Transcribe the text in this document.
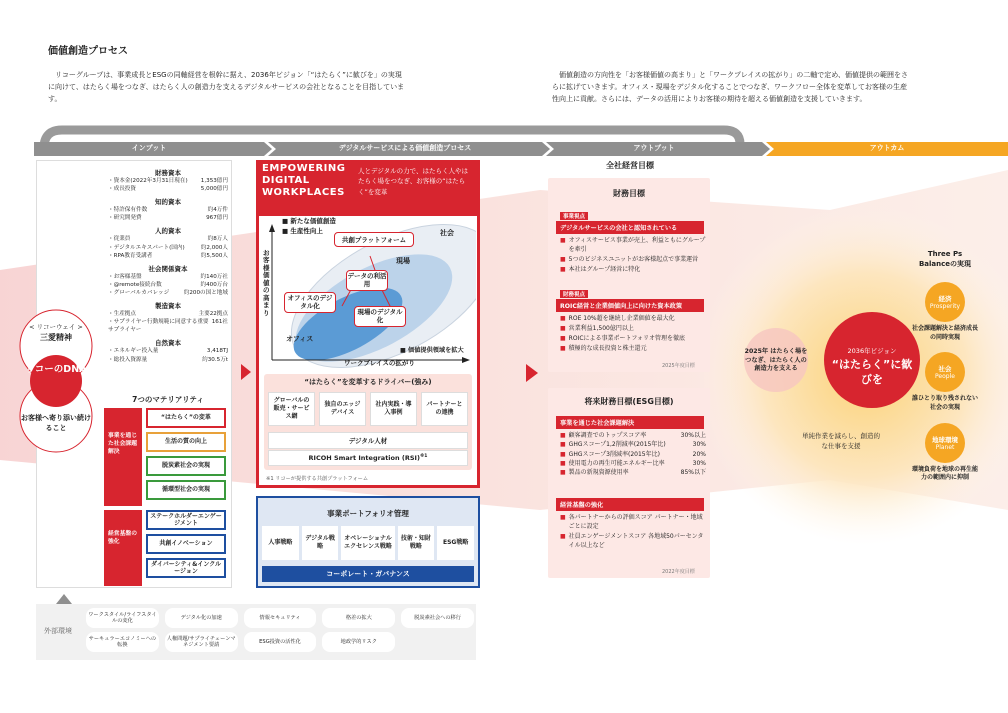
価値創造プロセス
リコーグループは、事業成長とESGの同軸経営を根幹に据え、2036年ビジョン「“はたらく”に歓びを」の実現に向けて、はたらく場をつなぎ、はたらく人の創造力を支えるデジタルサービスの会社となることを目指しています。
価値創造の方向性を「お客様価値の高まり」と「ワークプレイスの拡がり」の二軸で定め、価値提供の範囲をさらに拡げていきます。オフィス・現場をデジタル化することでつなぎ、ワークフロー全体を変革してお客様の生産性向上に貢献。さらには、データの活用によりお客様の期待を超える価値創造を支援していきます。
インプット	デジタルサービスによる価値創造プロセス	アウトプット	アウトカム
財務資本
・資本金(2022年3月31日現在) 1,353億円
・成長投資	5,000億円
知的資本
・特許保有件数	約4万件
・研究開発費	967億円
人的資本
・従業員	約8万人
・デジタルエキスパート(国内)	約2,000人
・RPA教育受講者	約5,500人
社会関係資本
・お客様基盤	約140万社
・@remote接続台数	約400万台
・グローバルカバレッジ	約200の国と地域
製造資本
・生産拠点	主要22拠点
・サプライヤー行動規範に同意する重要サプライヤー
161社
自然資本
・エネルギー投入量	3,418TJ
・総投入資源量	約30.5万t
< リコーウェイ >
三愛精神
リコーのDNA
お客様へ寄り添い続けること
7つのマテリアリティ
事業を通じた社会課題解決
経営基盤の強化
“はたらく”の変革
生活の質の向上
脱炭素社会の実現
循環型社会の実現
ステークホルダーエンゲージメント
共創イノベーション
ダイバーシティ&インクルージョン
外部環境
ワークスタイル/ライフスタイルの変化
デジタル化の加速	情報セキュリティ	格差の拡大	脱炭素社会への移行
サーキュラーエコノミーへの転換
人権問題/サプライチェーンマネジメント要請
ESG投資の活性化	地政学的リスク
EMPOWERING DIGITAL WORKPLACES
人とデジタルの力で、はたらく人やはたらく場をつなぎ、お客様の“はたらく”を変革
■ 新たな価値創造
■ 生産性向上
お客様価値の高まり
ワークプレイスの拡がり
■ 価値提供領域を拡大
共創プラットフォーム
データの利活用
オフィスのデジタル化
現場のデジタル化
社会
現場
オフィス
“はたらく”を変革するドライバー(強み)
グローバルの販売・サービス網
独自のエッジデバイス
社内実践・導入事例
パートナーとの連携
デジタル人材
RICOH Smart Integration (RSI)$^{※1}$
※1 リコーが提供する共創プラットフォーム
事業ポートフォリオ管理
人事戦略
デジタル戦略
オペレーショナルエクセレンス戦略
技術・知財戦略
ESG戦略
コーポレート・ガバナンス
全社経営目標
財務目標
事業視点
デジタルサービスの会社と認知されている
■ オフィスサービス事業が売上、利益ともにグループを牽引
■ 5つのビジネスユニットがお客様起点で事業運営
■ 本社はグループ経営に特化
財務視点
ROIC経営と企業価値向上に向けた資本政策
■ ROE 10%超を継続し企業価値を最大化
■ 営業利益1,500億円以上
■ ROICによる事業ポートフォリオ管理を徹底
■ 積極的な成長投資と株主還元
2025年度目標
将来財務目標(ESG目標)
事業を通じた社会課題解決
■ 顧客調査でのトップスコア率	30%以上
■ GHGスコープ1,2削減率(2015年比)	30%
■ GHGスコープ3削減率(2015年比)	20%
■ 使用電力の再生可能エネルギー比率	30%
■ 製品の新規資源使用率	85%以下
経営基盤の強化
■ 各パートナーからの評価スコア パートナー・地域ごとに設定
■ 社員エンゲージメントスコア 各地域50パーセンタイル以上など
2022年度目標
2025年 はたらく場をつなぎ、はたらく人の創造力を支える
2036年ビジョン
“はたらく”に歓びを
単純作業を減らし、創造的な仕事を支援
Three Ps Balanceの実現
経済
Prosperity
社会課題解決と経済成長の同時実現
社会
People
誰ひとり取り残されない社会の実現
地球環境
Planet
環境負荷を地球の再生能力の範囲内に抑制
